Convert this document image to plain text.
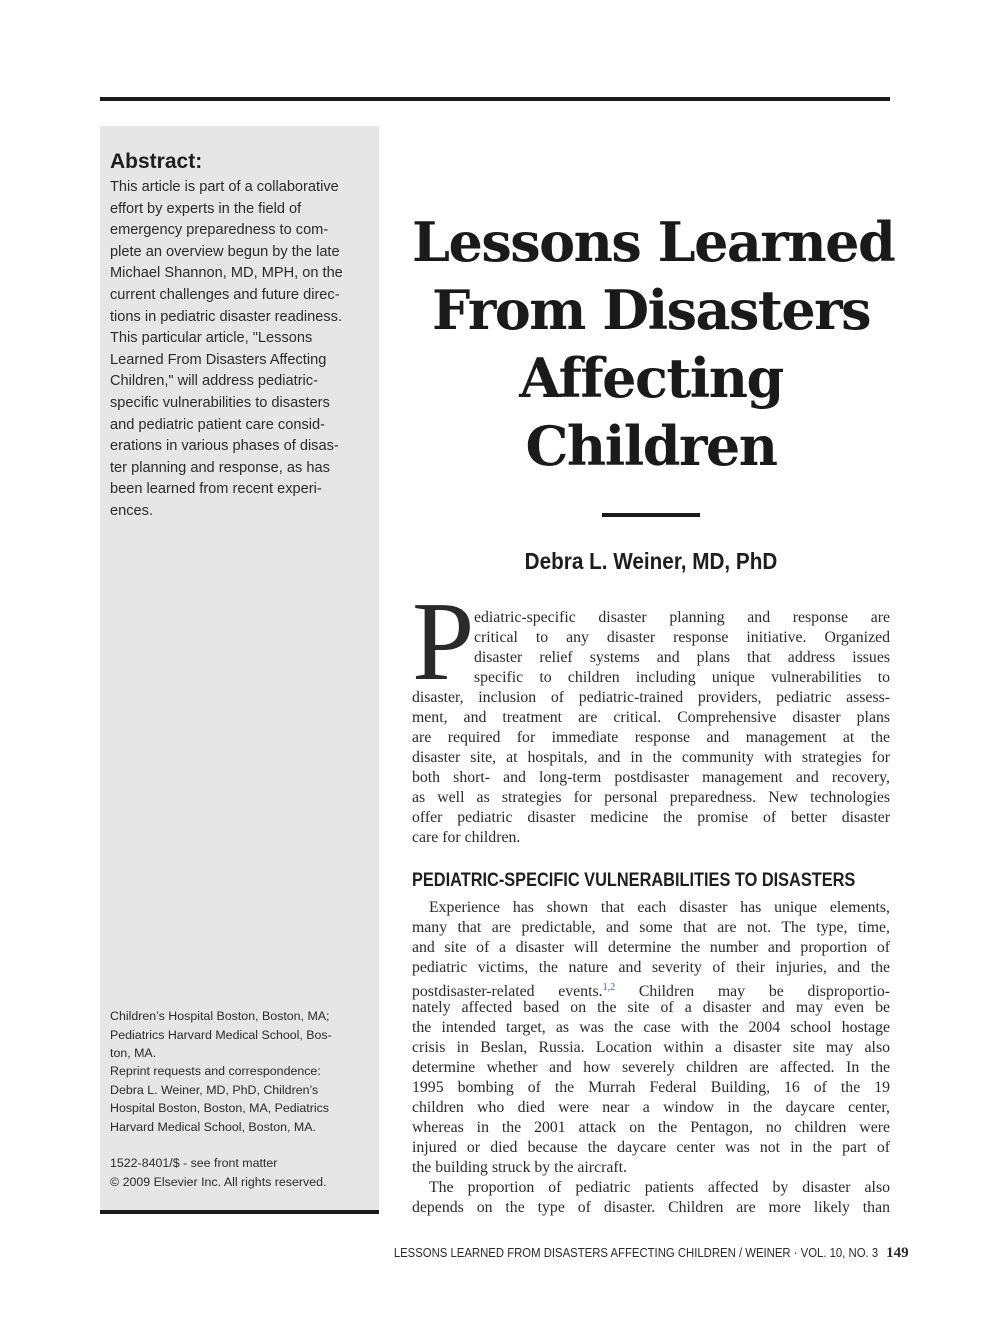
Abstract:

This article is part of a collaborative
effort by experts in the field of
emergency preparedness to com-
plete an overview begun by the late
Michael Shannon, MD, MPH, on the
current challenges and future direc-
tions in pediatric disaster readiness.
This particular article, "Lessons
Learned From Disasters Affecting
Children," will address pediatric-
specific vulnerabilities to disasters
and pediatric patient care consid-
erations in various phases of disas-
ter planning and response, as has
been learned from recent experi-
ences.

Children’s Hospital Boston, Boston, MA;
Pediatrics Harvard Medical School, Bos-
ton, MA.

Reprint requests and correspondence:
Debra L. Weiner, MD, PhD, Children’s
Hospital Boston, Boston, MA, Pediatrics
Harvard Medical School, Boston, MA.

1522-8401/$ - see front matter
© 2009 Elsevier Inc. All rights reserved.

Lessons Learned
From Disasters
Affecting
Children

Debra L. Weiner, MD, PhD

P ediatric-specific disaster planning and response are
critical to any disaster response initiative. Organized
disaster relief systems and plans that address issues
specific to children including unique vulnerabilities to
disaster, inclusion of pediatric-trained providers, pediatric assess-
ment, and treatment are critical. Comprehensive disaster plans
are required for immediate response and management at the
disaster site, at hospitals, and in the community with strategies for
both short- and long-term postdisaster management and recovery,
as well as strategies for personal preparedness. New technologies
offer pediatric disaster medicine the promise of better disaster
care for children.
PEDIATRIC-SPECIFIC VULNERABILITIES TO DISASTERS
Experience has shown that each disaster has unique elements,
many that are predictable, and some that are not. The type, time,
and site of a disaster will determine the number and proportion of
pediatric victims, the nature and severity of their injuries, and the
postdisaster-related events.$^{1,2}$ Children may be disproportio-
nately affected based on the site of a disaster and may even be
the intended target, as was the case with the 2004 school hostage
crisis in Beslan, Russia. Location within a disaster site may also
determine whether and how severely children are affected. In the
1995 bombing of the Murrah Federal Building, 16 of the 19
children who died were near a window in the daycare center,
whereas in the 2001 attack on the Pentagon, no children were
injured or died because the daycare center was not in the part of
the building struck by the aircraft.
The proportion of pediatric patients affected by disaster also
depends on the type of disaster. Children are more likely than

LESSONS LEARNED FROM DISASTERS AFFECTING CHILDREN / WEINER · VOL. 10, NO. 3 149
